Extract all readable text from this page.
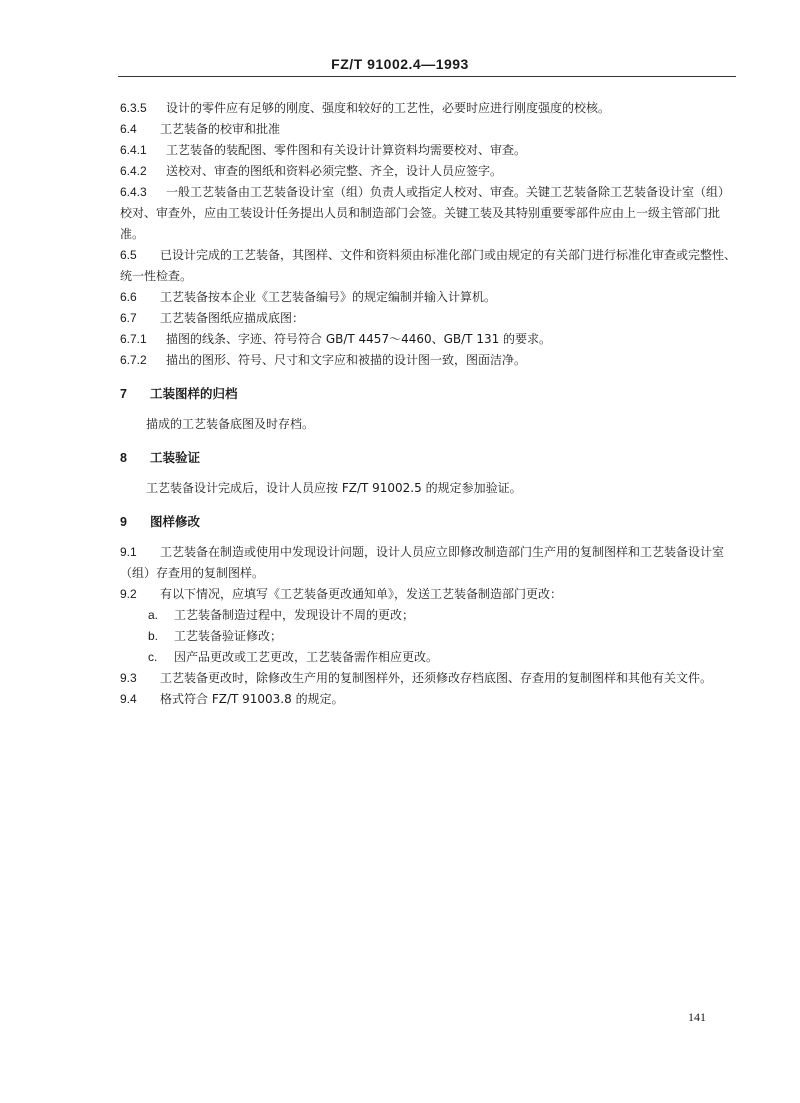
FZ/T 91002.4—1993
6.3.5 设计的零件应有足够的刚度、强度和较好的工艺性，必要时应进行刚度强度的校核。
6.4 工艺装备的校审和批准
6.4.1 工艺装备的装配图、零件图和有关设计计算资料均需要校对、审查。
6.4.2 送校对、审查的图纸和资料必须完整、齐全，设计人员应签字。
6.4.3 一般工艺装备由工艺装备设计室（组）负责人或指定人校对、审查。关键工艺装备除工艺装备设计室（组）校对、审查外，应由工装设计任务提出人员和制造部门会签。关键工装及其特别重要零部件应由上一级主管部门批准。
6.5 已设计完成的工艺装备，其图样、文件和资料须由标准化部门或由规定的有关部门进行标准化审查或完整性、统一性检查。
6.6 工艺装备按本企业《工艺装备编号》的规定编制并输入计算机。
6.7 工艺装备图纸应描成底图：
6.7.1 描图的线条、字迹、符号符合 GB/T 4457～4460、GB/T 131 的要求。
6.7.2 描出的图形、符号、尺寸和文字应和被描的设计图一致，图面洁净。
7 工装图样的归档
描成的工艺装备底图及时存档。
8 工装验证
工艺装备设计完成后，设计人员应按 FZ/T 91002.5 的规定参加验证。
9 图样修改
9.1 工艺装备在制造或使用中发现设计问题，设计人员应立即修改制造部门生产用的复制图样和工艺装备设计室（组）存查用的复制图样。
9.2 有以下情况，应填写《工艺装备更改通知单》，发送工艺装备制造部门更改：
a. 工艺装备制造过程中，发现设计不周的更改；
b. 工艺装备验证修改；
c. 因产品更改或工艺更改，工艺装备需作相应更改。
9.3 工艺装备更改时，除修改生产用的复制图样外，还须修改存档底图、存查用的复制图样和其他有关文件。
9.4 格式符合 FZ/T 91003.8 的规定。
141
